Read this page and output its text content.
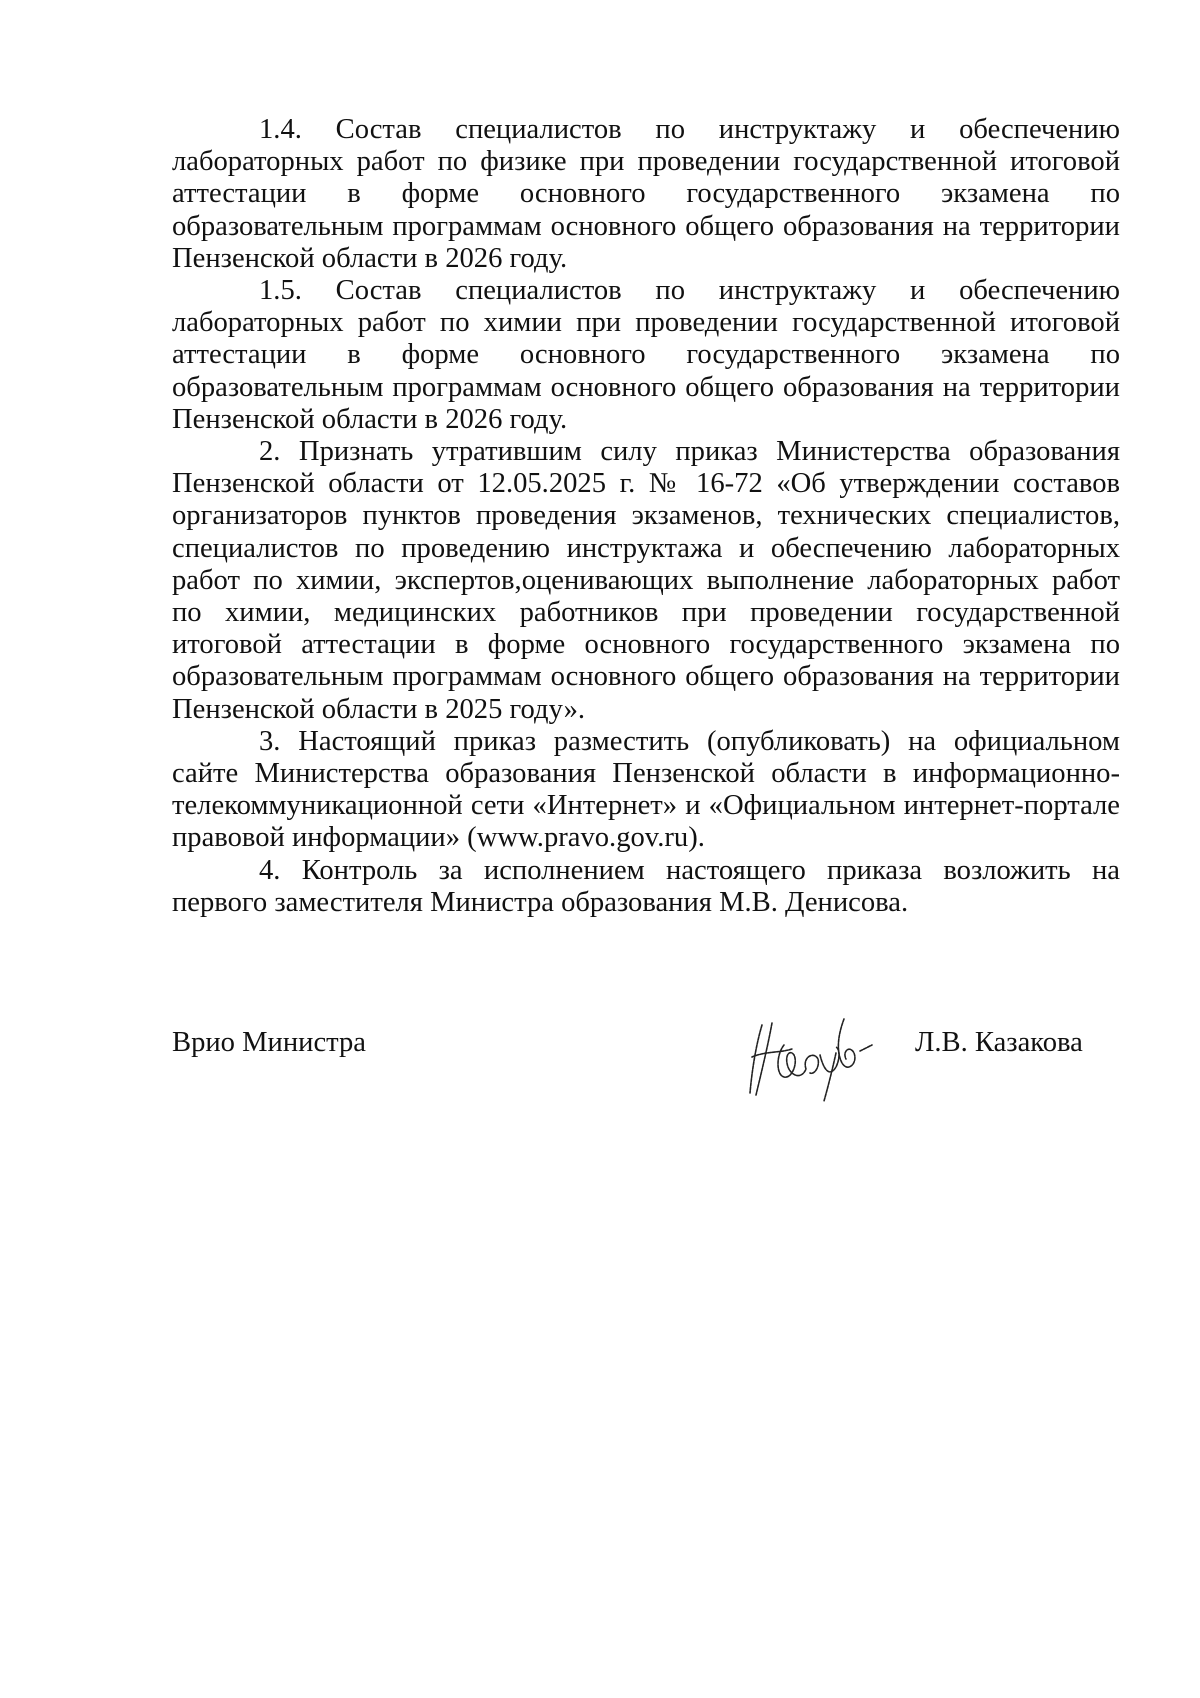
1.4. Состав специалистов по инструктажу и обеспечению лабораторных работ по физике при проведении государственной итоговой аттестации в форме основного государственного экзамена по образовательным программам основного общего образования на территории Пензенской области в 2026 году.

1.5. Состав специалистов по инструктажу и обеспечению лабораторных работ по химии при проведении государственной итоговой аттестации в форме основного государственного экзамена по образовательным программам основного общего образования на территории Пензенской области в 2026 году.

2. Признать утратившим силу приказ Министерства образования Пензенской области от 12.05.2025 г. № 16-72 «Об утверждении составов организаторов пунктов проведения экзаменов, технических специалистов, специалистов по проведению инструктажа и обеспечению лабораторных работ по химии, экспертов,оценивающих выполнение лабораторных работ по химии, медицинских работников при проведении государственной итоговой аттестации в форме основного государственного экзамена по образовательным программам основного общего образования на территории Пензенской области в 2025 году».

3. Настоящий приказ разместить (опубликовать) на официальном сайте Министерства образования Пензенской области в информационно-телекоммуникационной сети «Интернет» и «Официальном интернет-портале правовой информации» (www.pravo.gov.ru).

4. Контроль за исполнением настоящего приказа возложить на первого заместителя Министра образования М.В. Денисова.

Врио Министра	Л.В. Казакова
